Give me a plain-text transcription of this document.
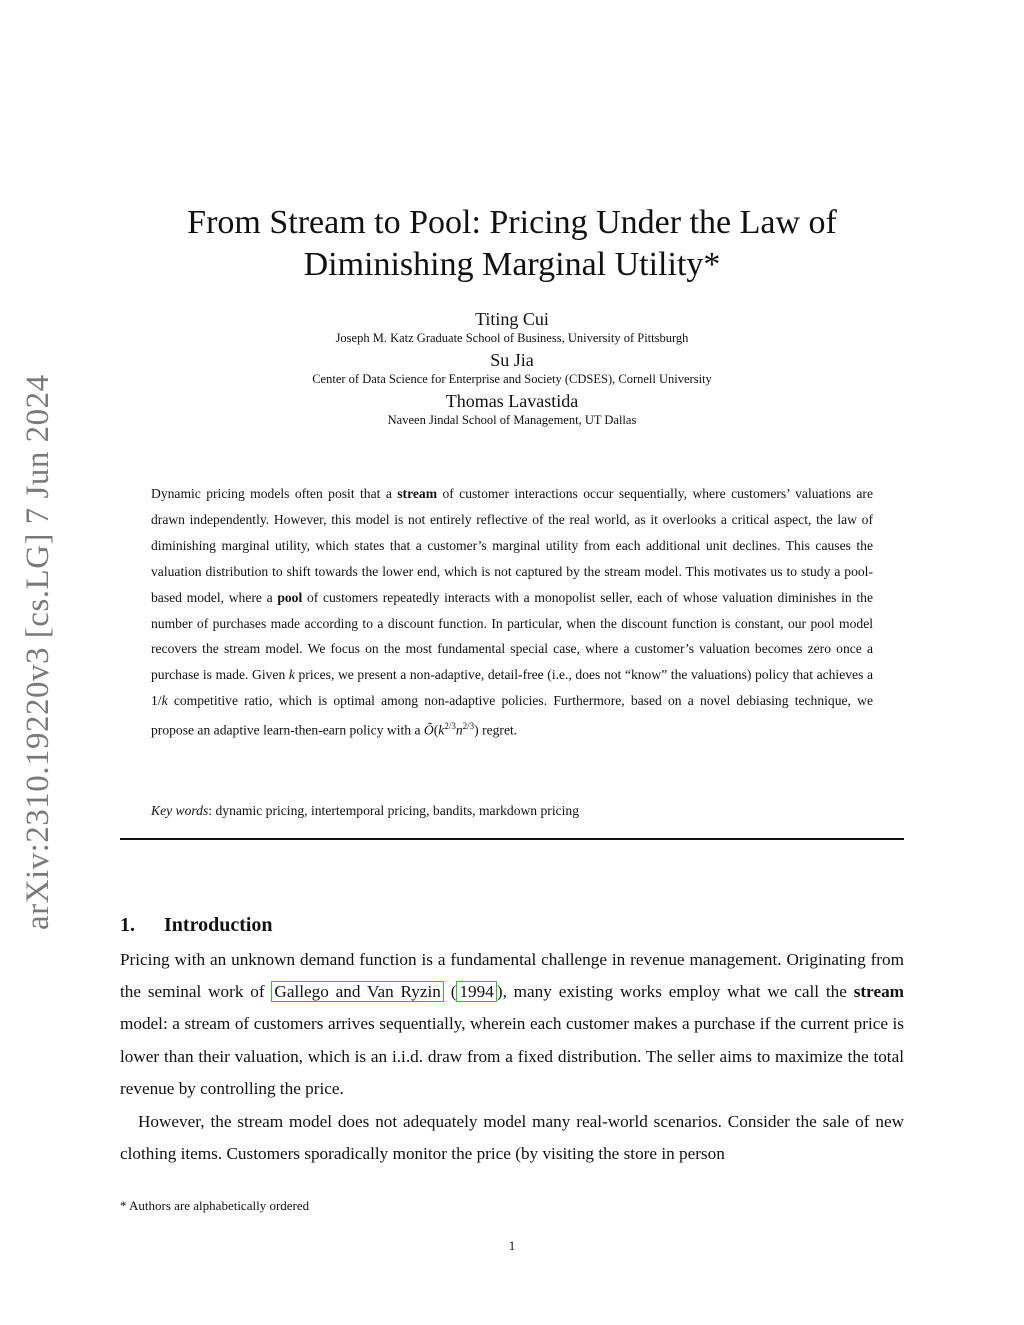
arXiv:2310.19220v3 [cs.LG] 7 Jun 2024
From Stream to Pool: Pricing Under the Law of
Diminishing Marginal Utility*
Titing Cui
Joseph M. Katz Graduate School of Business, University of Pittsburgh
Su Jia
Center of Data Science for Enterprise and Society (CDSES), Cornell University
Thomas Lavastida
Naveen Jindal School of Management, UT Dallas

Dynamic pricing models often posit that a stream of customer interactions occur sequentially, where customers’ valuations are drawn independently. However, this model is not entirely reflective of the real world, as it overlooks a critical aspect, the law of diminishing marginal utility, which states that a customer’s marginal utility from each additional unit declines. This causes the valuation distribution to shift towards the lower end, which is not captured by the stream model. This motivates us to study a pool-based model, where a pool of customers repeatedly interacts with a monopolist seller, each of whose valuation diminishes in the number of purchases made according to a discount function. In particular, when the discount function is constant, our pool model recovers the stream model. We focus on the most fundamental special case, where a customer’s valuation becomes zero once a purchase is made. Given k prices, we present a non-adaptive, detail-free (i.e., does not “know” the valuations) policy that achieves a 1/k competitive ratio, which is optimal among non-adaptive policies. Furthermore, based on a novel debiasing technique, we propose an adaptive learn-then-earn policy with a $Õ(k^{2/3}n^{2/3})$ regret.

Key words: dynamic pricing, intertemporal pricing, bandits, markdown pricing
1. Introduction

Pricing with an unknown demand function is a fundamental challenge in revenue management. Originating from the seminal work of Gallego and Van Ryzin ( 1994 ), many existing works employ what we call the stream model: a stream of customers arrives sequentially, wherein each customer makes a purchase if the current price is lower than their valuation, which is an i.i.d. draw from a fixed distribution. The seller aims to maximize the total revenue by controlling the price.

However, the stream model does not adequately model many real-world scenarios. Consider the sale of new clothing items. Customers sporadically monitor the price (by visiting the store in person

* Authors are alphabetically ordered
1
